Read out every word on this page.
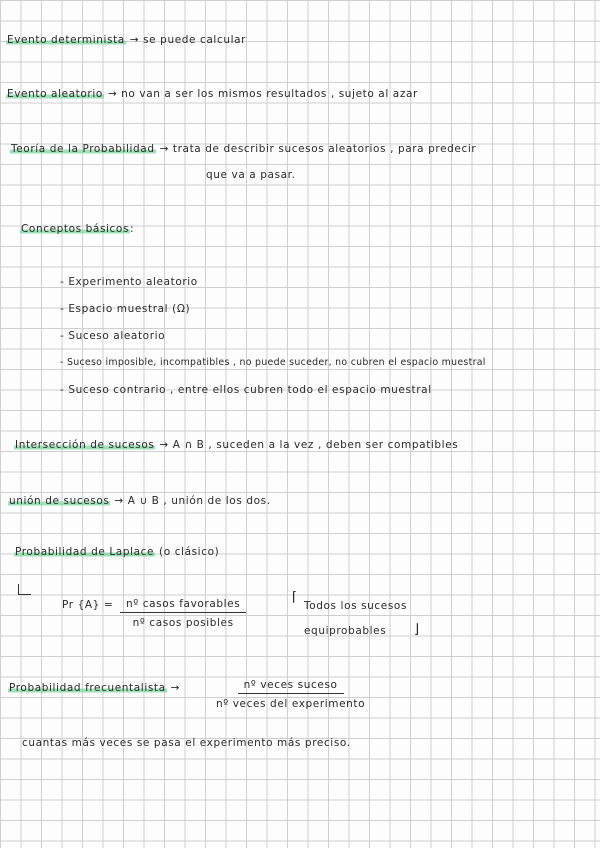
Evento determinista → se puede calcular
Evento aleatorio → no van a ser los mismos resultados , sujeto al azar
Teoría de la Probabilidad → trata de describir sucesos aleatorios , para predecir
que va a pasar.
Conceptos básicos:
- Experimento aleatorio
- Espacio muestral (Ω)
- Suceso aleatorio
- Suceso imposible, incompatibles , no puede suceder, no cubren el espacio muestral
- Suceso contrario , entre ellos cubren todo el espacio muestral
Intersección de sucesos → A ∩ B , suceden a la vez , deben ser compatibles
unión de sucesos → A ∪ B , unión de los dos.
Probabilidad de Laplace (o clásico)
Pr {A} =	nº casos favorables
nº casos posibles
⌈
Todos los sucesos
equiprobables ⌋
Probabilidad frecuentalista →	nº veces suceso
nº veces del experimento
cuantas más veces se pasa el experimento más preciso.
